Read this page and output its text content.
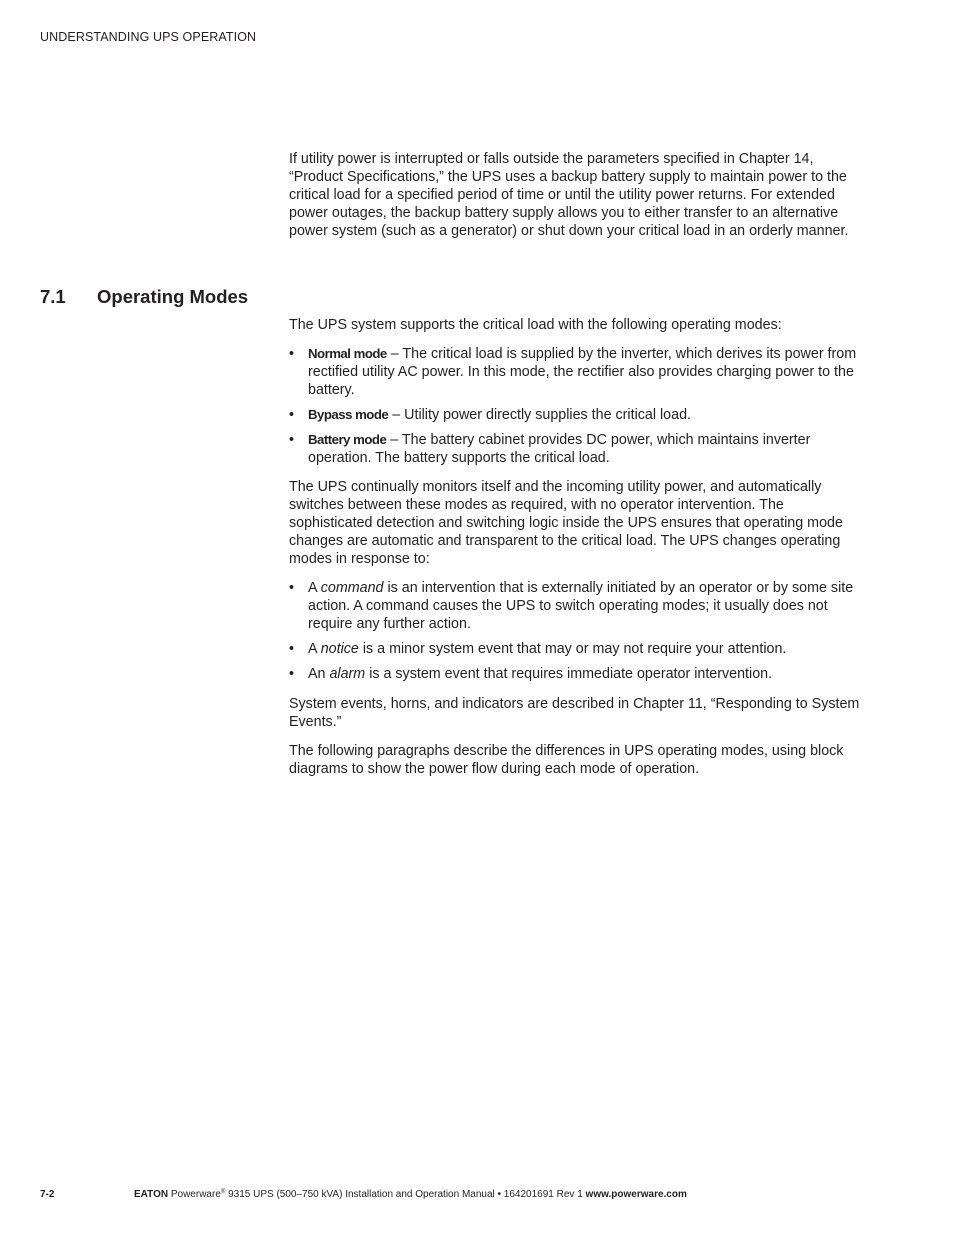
UNDERSTANDING UPS OPERATION

If utility power is interrupted or falls outside the parameters specified in Chapter 14, “Product Specifications,” the UPS uses a backup battery supply to maintain power to the critical load for a specified period of time or until the utility power returns. For extended power outages, the backup battery supply allows you to either transfer to an alternative power system (such as a generator) or shut down your critical load in an orderly manner.

7.1 Operating Modes

The UPS system supports the critical load with the following operating modes:

• Normal mode – The critical load is supplied by the inverter, which derives its power from rectified utility AC power. In this mode, the rectifier also provides charging power to the battery.
• Bypass mode – Utility power directly supplies the critical load.
• Battery mode – The battery cabinet provides DC power, which maintains inverter operation. The battery supports the critical load.

The UPS continually monitors itself and the incoming utility power, and automatically switches between these modes as required, with no operator intervention. The sophisticated detection and switching logic inside the UPS ensures that operating mode changes are automatic and transparent to the critical load. The UPS changes operating modes in response to:

• A command is an intervention that is externally initiated by an operator or by some site action. A command causes the UPS to switch operating modes; it usually does not require any further action.
• A notice is a minor system event that may or may not require your attention.
• An alarm is a system event that requires immediate operator intervention.

System events, horns, and indicators are described in Chapter 11, “Responding to System Events.”

The following paragraphs describe the differences in UPS operating modes, using block diagrams to show the power flow during each mode of operation.

7-2	EATON Powerware® 9315 UPS (500–750 kVA) Installation and Operation Manual • 164201691 Rev 1 www.powerware.com
